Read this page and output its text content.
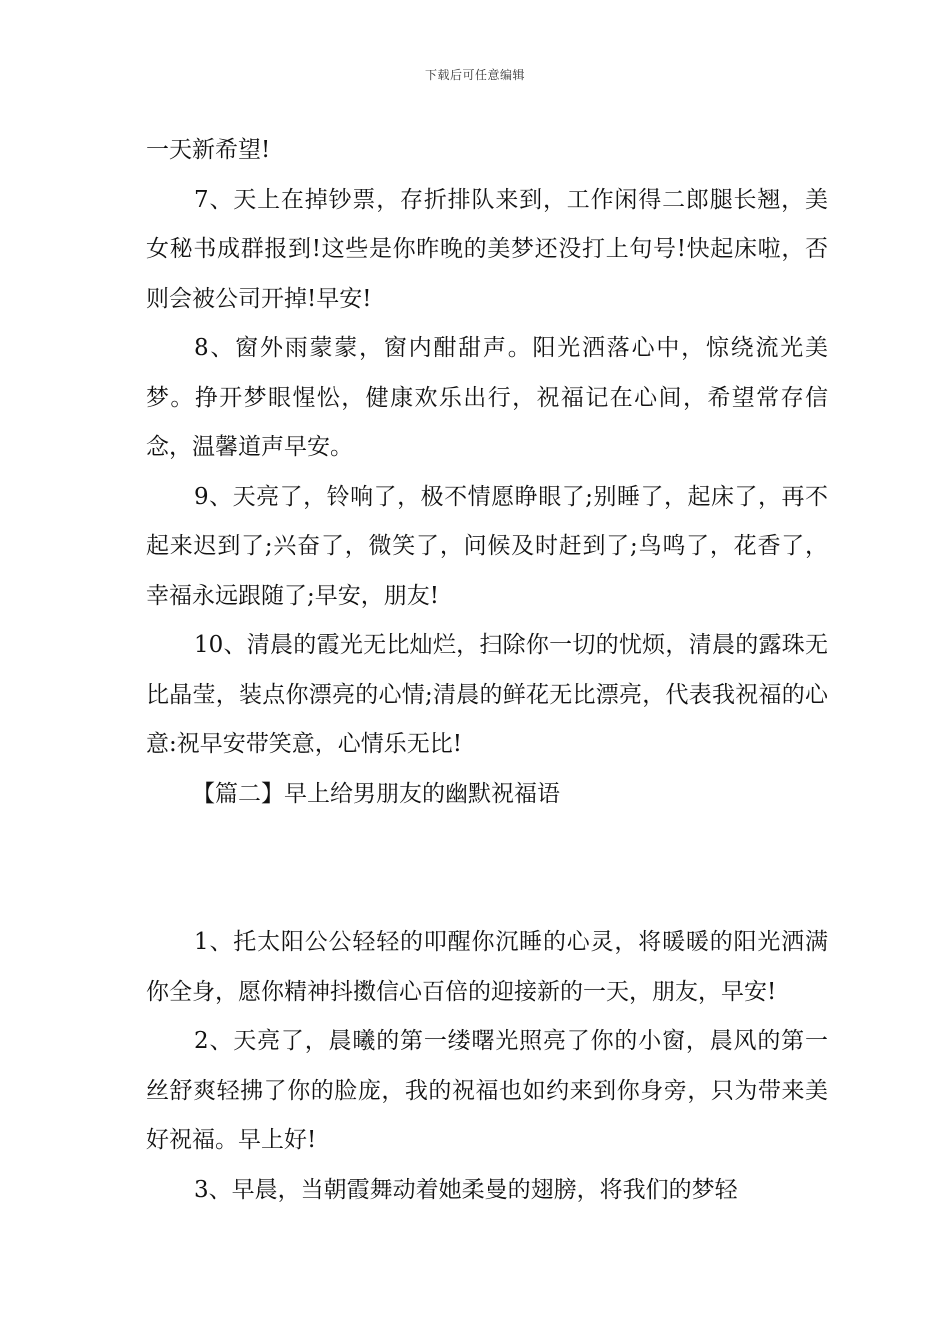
下载后可任意编辑

一天新希望!

7、天上在掉钞票，存折排队来到，工作闲得二郎腿长翘，美女秘书成群报到!这些是你昨晚的美梦还没打上句号!快起床啦，否则会被公司开掉!早安!

8、窗外雨蒙蒙，窗内酣甜声。阳光洒落心中，惊绕流光美梦。挣开梦眼惺忪，健康欢乐出行，祝福记在心间，希望常存信念，温馨道声早安。

9、天亮了，铃响了，极不情愿睁眼了;别睡了，起床了，再不起来迟到了;兴奋了，微笑了，问候及时赶到了;鸟鸣了，花香了，幸福永远跟随了;早安，朋友!

10、清晨的霞光无比灿烂，扫除你一切的忧烦，清晨的露珠无比晶莹，装点你漂亮的心情;清晨的鲜花无比漂亮，代表我祝福的心意:祝早安带笑意，心情乐无比!

【篇二】早上给男朋友的幽默祝福语

1、托太阳公公轻轻的叩醒你沉睡的心灵，将暖暖的阳光洒满你全身，愿你精神抖擞信心百倍的迎接新的一天，朋友，早安!

2、天亮了，晨曦的第一缕曙光照亮了你的小窗，晨风的第一丝舒爽轻拂了你的脸庞，我的祝福也如约来到你身旁，只为带来美好祝福。早上好!

3、早晨，当朝霞舞动着她柔曼的翅膀，将我们的梦轻
